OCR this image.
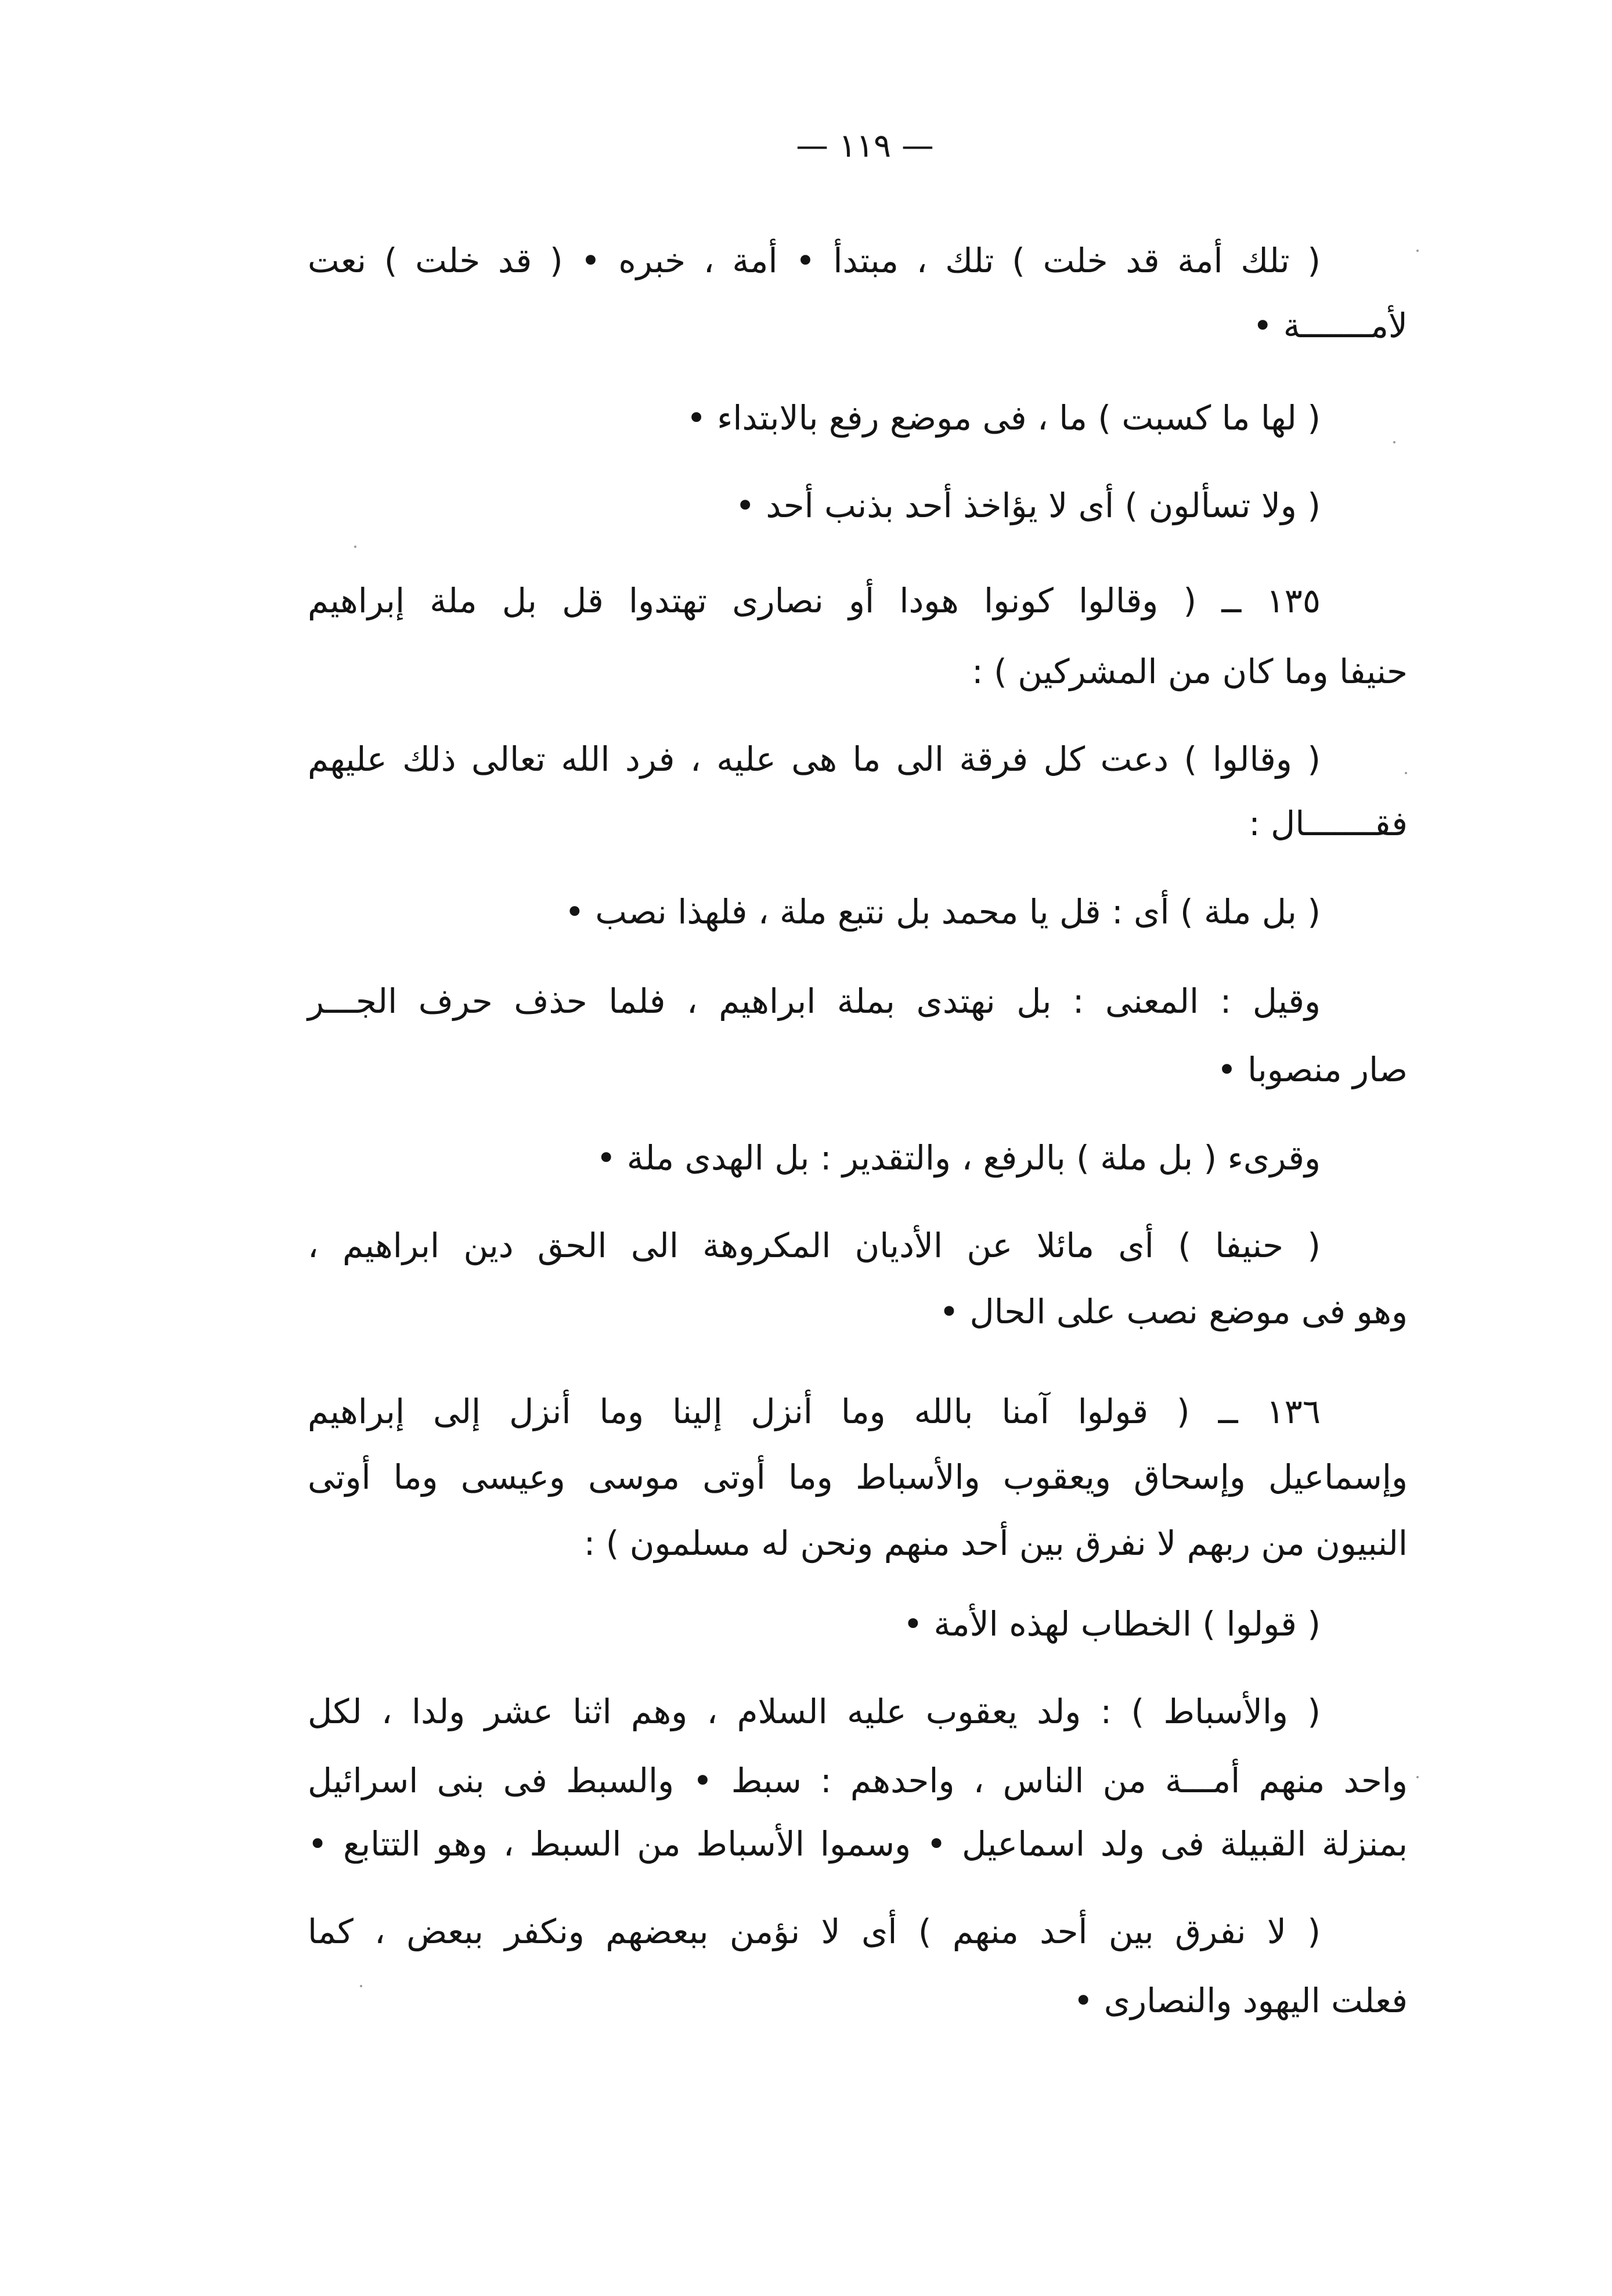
— ١١٩ —
( تلك أمة قد خلت ) تلك ، مبتدأ • أمة ، خبره • ( قد خلت ) نعت
لأمـــــــة •
( لها ما كسبت ) ما ، فى موضع رفع بالابتداء •
( ولا تسألون ) أى لا يؤاخذ أحد بذنب أحد •
١٣٥ ــ ( وقالوا كونوا هودا أو نصارى تهتدوا قل بل ملة إبراهيم
حنيفا وما كان من المشركين ) :
( وقالوا ) دعت كل فرقة الى ما هى عليه ، فرد الله تعالى ذلك عليهم
فقـــــــال :
( بل ملة ) أى : قل يا محمد بل نتبع ملة ، فلهذا نصب •
وقيل : المعنى : بل نهتدى بملة ابراهيم ، فلما حذف حرف الجـــر
صار منصوبا •
وقرىء ( بل ملة ) بالرفع ، والتقدير : بل الهدى ملة •
( حنيفا ) أى مائلا عن الأديان المكروهة الى الحق دين ابراهيم ،
وهو فى موضع نصب على الحال •
١٣٦ ــ ( قولوا آمنا بالله وما أنزل إلينا وما أنزل إلى إبراهيم
وإسماعيل وإسحاق ويعقوب والأسباط وما أوتى موسى وعيسى وما أوتى
النبيون من ربهم لا نفرق بين أحد منهم ونحن له مسلمون ) :
( قولوا ) الخطاب لهذه الأمة •
( والأسباط ) : ولد يعقوب عليه السلام ، وهم اثنا عشر ولدا ، لكل
واحد منهم أمـــة من الناس ، واحدهم : سبط • والسبط فى بنى اسرائيل
بمنزلة القبيلة فى ولد اسماعيل • وسموا الأسباط من السبط ، وهو التتابع •
( لا نفرق بين أحد منهم ) أى لا نؤمن ببعضهم ونكفر ببعض ، كما
فعلت اليهود والنصارى •
